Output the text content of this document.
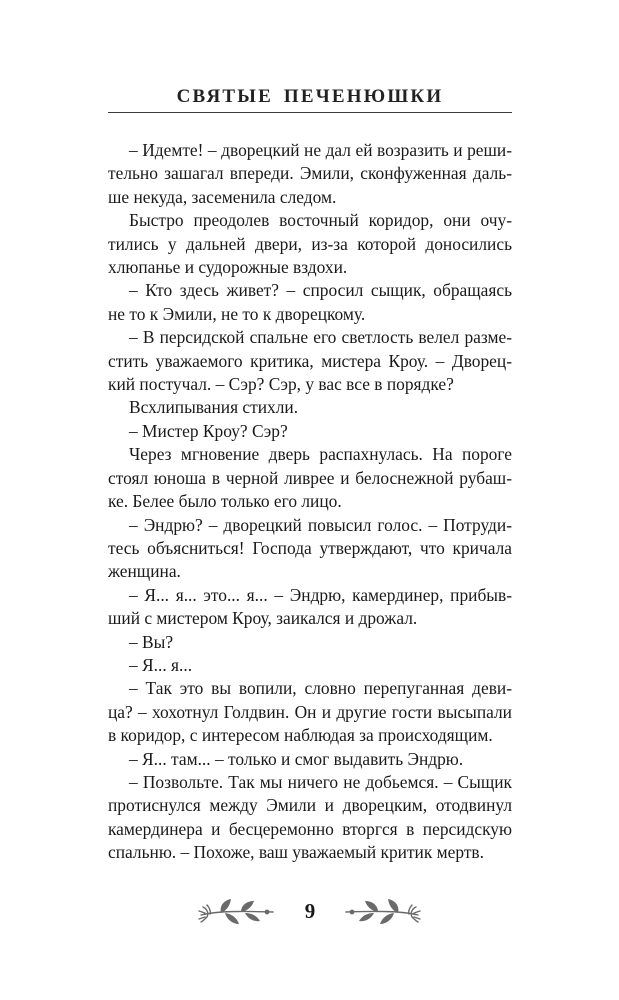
СВЯТЫЕ ПЕЧЕНЮШКИ

– Идемте! – дворецкий не дал ей возразить и реши-
тельно зашагал впереди. Эмили, сконфуженная даль-
ше некуда, засеменила следом.

Быстро преодолев восточный коридор, они очу-
тились у дальней двери, из-за которой доносились
хлюпанье и судорожные вздохи.

– Кто здесь живет? – спросил сыщик, обращаясь
не то к Эмили, не то к дворецкому.

– В персидской спальне его светлость велел разме-
стить уважаемого критика, мистера Кроу. – Дворец-
кий постучал. – Сэр? Сэр, у вас все в порядке?

Всхлипывания стихли.

– Мистер Кроу? Сэр?

Через мгновение дверь распахнулась. На пороге
стоял юноша в черной ливрее и белоснежной рубаш-
ке. Белее было только его лицо.

– Эндрю? – дворецкий повысил голос. – Потруди-
тесь объясниться! Господа утверждают, что кричала
женщина.

– Я... я... это... я... – Эндрю, камердинер, прибыв-
ший с мистером Кроу, заикался и дрожал.

– Вы?

– Я... я...

– Так это вы вопили, словно перепуганная деви-
ца? – хохотнул Голдвин. Он и другие гости высыпали
в коридор, с интересом наблюдая за происходящим.

– Я... там... – только и смог выдавить Эндрю.

– Позвольте. Так мы ничего не добьемся. – Сыщик
протиснулся между Эмили и дворецким, отодвинул
камердинера и бесцеремонно вторгся в персидскую
спальню. – Похоже, ваш уважаемый критик мертв.

9
